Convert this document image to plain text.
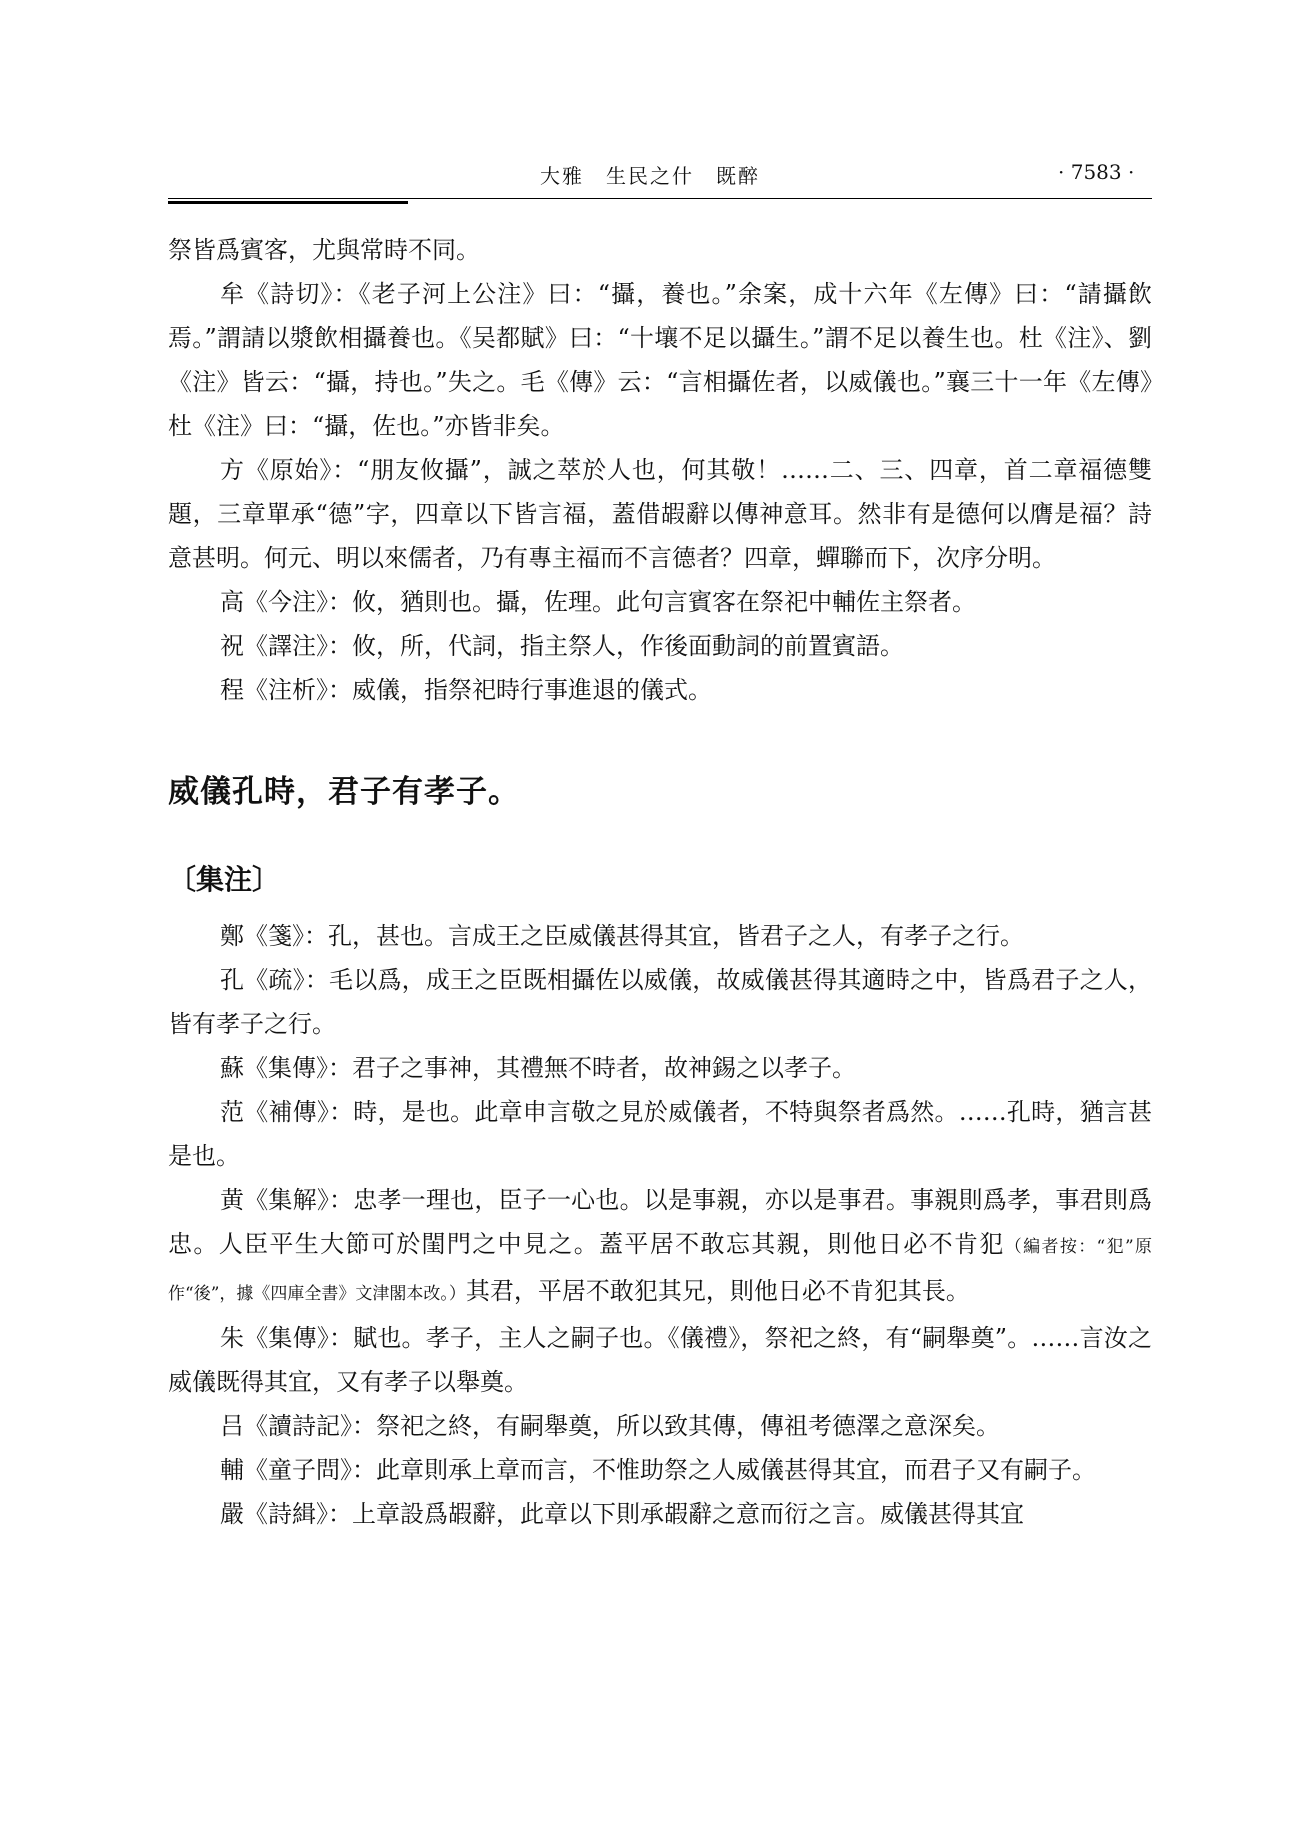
大雅　生民之什　既醉	· 7583 ·

祭皆爲賓客，尤與常時不同。

牟《詩切》：《老子河上公注》曰：“攝，養也。”余案，成十六年《左傳》曰：“請攝飲焉。”謂請以漿飲相攝養也。《吴都賦》曰：“十壤不足以攝生。”謂不足以養生也。杜《注》、劉《注》皆云：“攝，持也。”失之。毛《傳》云：“言相攝佐者，以威儀也。”襄三十一年《左傳》杜《注》曰：“攝，佐也。”亦皆非矣。

方《原始》：“朋友攸攝”，誠之萃於人也，何其敬！……二、三、四章，首二章福德雙題，三章單承“德”字，四章以下皆言福，蓋借嘏辭以傳神意耳。然非有是德何以膺是福？詩意甚明。何元、明以來儒者，乃有專主福而不言德者？四章，蟬聯而下，次序分明。

高《今注》：攸，猶則也。攝，佐理。此句言賓客在祭祀中輔佐主祭者。

祝《譯注》：攸，所，代詞，指主祭人，作後面動詞的前置賓語。

程《注析》：威儀，指祭祀時行事進退的儀式。

威儀孔時，君子有孝子。
〔集注〕

鄭《箋》：孔，甚也。言成王之臣威儀甚得其宜，皆君子之人，有孝子之行。

孔《疏》：毛以爲，成王之臣既相攝佐以威儀，故威儀甚得其適時之中，皆爲君子之人，皆有孝子之行。

蘇《集傳》：君子之事神，其禮無不時者，故神錫之以孝子。

范《補傳》：時，是也。此章申言敬之見於威儀者，不特與祭者爲然。……孔時，猶言甚是也。

黄《集解》：忠孝一理也，臣子一心也。以是事親，亦以是事君。事親則爲孝，事君則爲忠。人臣平生大節可於閨門之中見之。蓋平居不敢忘其親，則他日必不肯犯（編者按：“犯”原作“後”，據《四庫全書》文津閣本改。）其君，平居不敢犯其兄，則他日必不肯犯其長。

朱《集傳》：賦也。孝子，主人之嗣子也。《儀禮》，祭祀之終，有“嗣舉奠”。……言汝之威儀既得其宜，又有孝子以舉奠。

吕《讀詩記》：祭祀之終，有嗣舉奠，所以致其傳，傳祖考德澤之意深矣。

輔《童子問》：此章則承上章而言，不惟助祭之人威儀甚得其宜，而君子又有嗣子。

嚴《詩緝》：上章設爲嘏辭，此章以下則承嘏辭之意而衍之言。威儀甚得其宜
